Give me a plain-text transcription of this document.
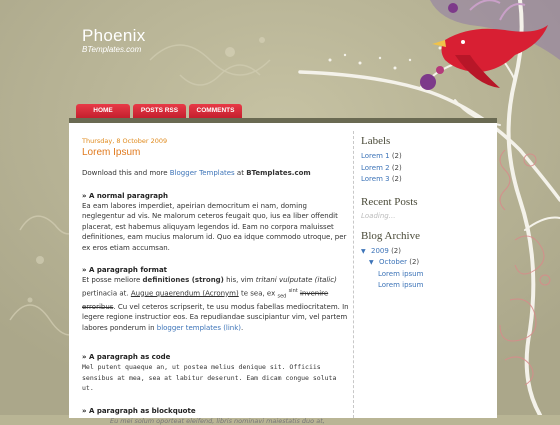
Phoenix
BTemplates.com
HOME	POSTS RSS	COMMENTS
Thursday, 8 October 2009
Lorem Ipsum

Download this and more Blogger Templates at BTemplates.com

» A normal paragraph

Ea eam labores imperdiet, apeirian democritum ei nam, doming neglegentur ad vis. Ne malorum ceteros feugait quo, ius ea liber offendit placerat, est habemus aliquyam legendos id. Eam no corpora maluisset definitiones, eam mucius malorum id. Quo ea idque commodo utroque, per ex eros etiam accumsan.

» A paragraph format

Et posse meliore definitiones (strong) his, vim tritani vulputate (italic) pertinacia at. Augue quaerendum (Acronym) te sea, ex $_{sed}$ $^{sint}$ invenire erroribus. Cu vel ceteros scripserit, te usu modus fabellas mediocritatem. In legere regione instructior eos. Ea repudiandae suscipiantur vim, vel partem labores ponderum in blogger templates (link).

» A paragraph as code
Mel putent quaeque an, ut postea melius denique sit. Officiis sensibus at mea, sea at labitur deserunt. Eam dicam congue soluta ut.
» A paragraph as blockquote
Eu mei solum oporteat eleifend, libris nominavi maiestatis duo at,
Labels
Lorem 1 (2)
Lorem 2 (2)
Lorem 3 (2)
Recent Posts
Loading...
Blog Archive
▼ 2009 (2)
▼ October (2)
Lorem ipsum
Lorem ipsum
